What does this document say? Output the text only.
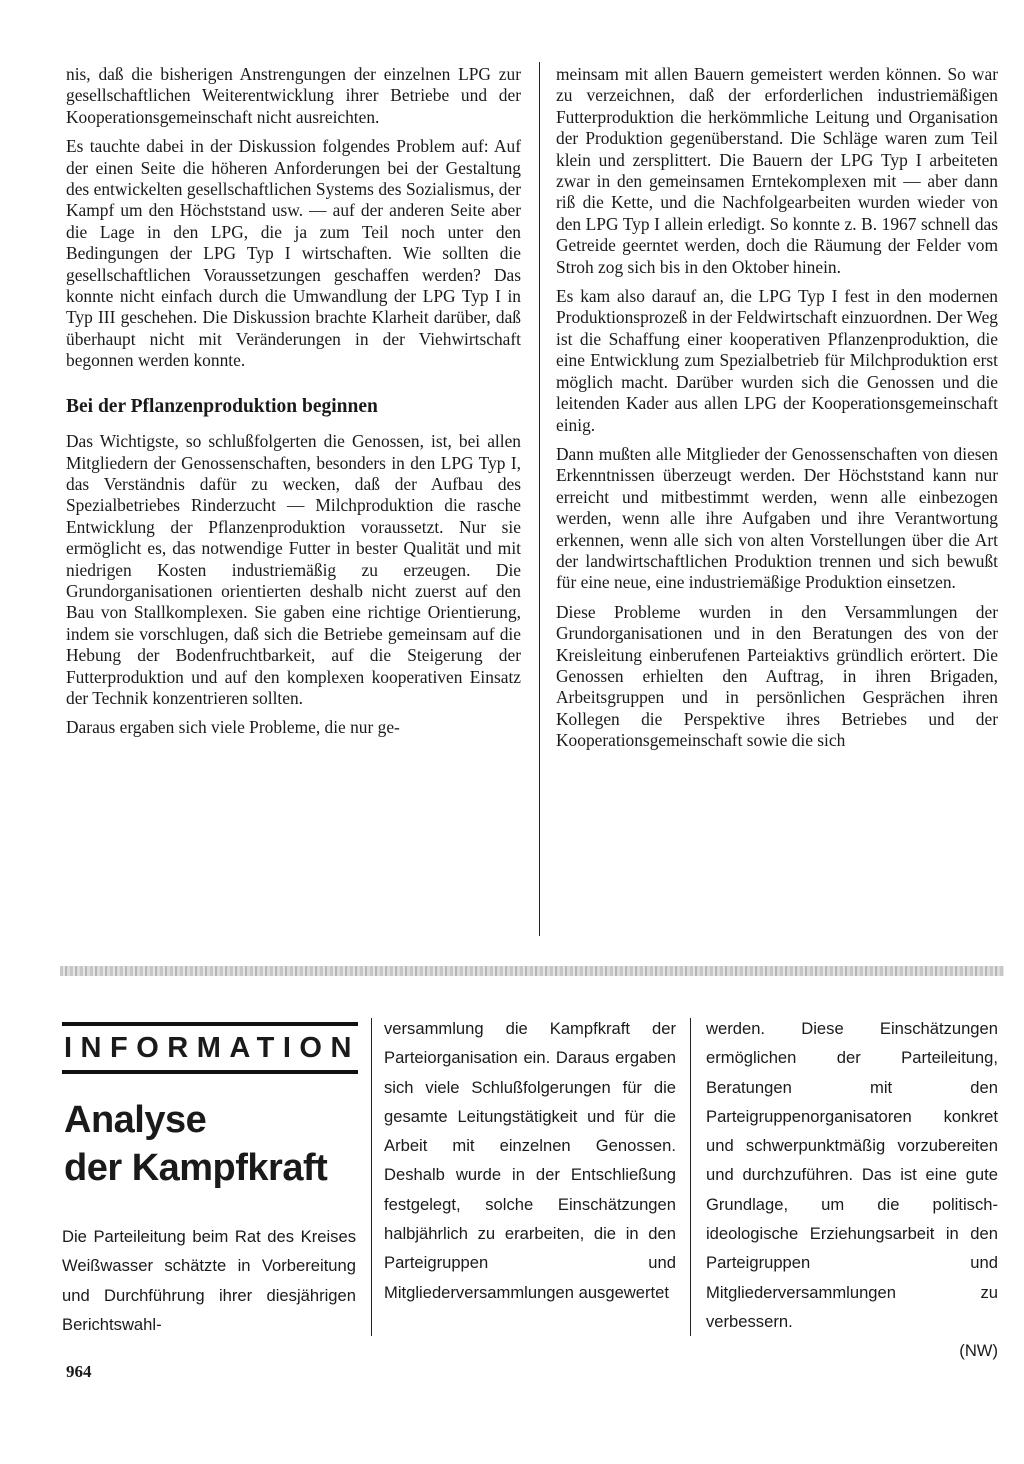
nis, daß die bisherigen Anstrengungen der einzelnen LPG zur gesellschaftlichen Weiterentwicklung ihrer Betriebe und der Kooperationsgemeinschaft nicht ausreichten.

Es tauchte dabei in der Diskussion folgendes Problem auf: Auf der einen Seite die höheren Anforderungen bei der Gestaltung des entwickelten gesellschaftlichen Systems des Sozialismus, der Kampf um den Höchststand usw. — auf der anderen Seite aber die Lage in den LPG, die ja zum Teil noch unter den Bedingungen der LPG Typ I wirtschaften. Wie sollten die gesellschaftlichen Voraussetzungen geschaffen werden? Das konnte nicht einfach durch die Umwandlung der LPG Typ I in Typ III geschehen. Die Diskussion brachte Klarheit darüber, daß überhaupt nicht mit Veränderungen in der Viehwirtschaft begonnen werden konnte.

Bei der Pflanzenproduktion beginnen

Das Wichtigste, so schlußfolgerten die Genossen, ist, bei allen Mitgliedern der Genossenschaften, besonders in den LPG Typ I, das Verständnis dafür zu wecken, daß der Aufbau des Spezialbetriebes Rinderzucht — Milchproduktion die rasche Entwicklung der Pflanzenproduktion voraussetzt. Nur sie ermöglicht es, das notwendige Futter in bester Qualität und mit niedrigen Kosten industriemäßig zu erzeugen. Die Grundorganisationen orientierten deshalb nicht zuerst auf den Bau von Stallkomplexen. Sie gaben eine richtige Orientierung, indem sie vorschlugen, daß sich die Betriebe gemeinsam auf die Hebung der Bodenfruchtbarkeit, auf die Steigerung der Futterproduktion und auf den komplexen kooperativen Einsatz der Technik konzentrieren sollten.

Daraus ergaben sich viele Probleme, die nur ge-

meinsam mit allen Bauern gemeistert werden können. So war zu verzeichnen, daß der erforderlichen industriemäßigen Futterproduktion die herkömmliche Leitung und Organisation der Produktion gegenüberstand. Die Schläge waren zum Teil klein und zersplittert. Die Bauern der LPG Typ I arbeiteten zwar in den gemeinsamen Erntekomplexen mit — aber dann riß die Kette, und die Nachfolgearbeiten wurden wieder von den LPG Typ I allein erledigt. So konnte z. B. 1967 schnell das Getreide geerntet werden, doch die Räumung der Felder vom Stroh zog sich bis in den Oktober hinein.

Es kam also darauf an, die LPG Typ I fest in den modernen Produktionsprozeß in der Feldwirtschaft einzuordnen. Der Weg ist die Schaffung einer kooperativen Pflanzenproduktion, die eine Entwicklung zum Spezialbetrieb für Milchproduktion erst möglich macht. Darüber wurden sich die Genossen und die leitenden Kader aus allen LPG der Kooperationsgemeinschaft einig.

Dann mußten alle Mitglieder der Genossenschaften von diesen Erkenntnissen überzeugt werden. Der Höchststand kann nur erreicht und mitbestimmt werden, wenn alle einbezogen werden, wenn alle ihre Aufgaben und ihre Verantwortung erkennen, wenn alle sich von alten Vorstellungen über die Art der landwirtschaftlichen Produktion trennen und sich bewußt für eine neue, eine industriemäßige Produktion einsetzen.

Diese Probleme wurden in den Versammlungen der Grundorganisationen und in den Beratungen des von der Kreisleitung einberufenen Parteiaktivs gründlich erörtert. Die Genossen erhielten den Auftrag, in ihren Brigaden, Arbeitsgruppen und in persönlichen Gesprächen ihren Kollegen die Perspektive ihres Betriebes und der Kooperationsgemeinschaft sowie die sich

INFORMATION
Analyse
der Kampfkraft

Die Parteileitung beim Rat des Kreises Weißwasser schätzte in Vorbereitung und Durchführung ihrer diesjährigen Berichtswahl-

versammlung die Kampfkraft der Parteiorganisation ein. Daraus ergaben sich viele Schlußfolgerungen für die gesamte Leitungstätigkeit und für die Arbeit mit einzelnen Genossen. Deshalb wurde in der Entschließung festgelegt, solche Einschätzungen halbjährlich zu erarbeiten, die in den Parteigruppen und Mitgliederversammlungen ausgewertet

werden. Diese Einschätzungen ermöglichen der Parteileitung, Beratungen mit den Parteigruppenorganisatoren konkret und schwerpunktmäßig vorzubereiten und durchzuführen. Das ist eine gute Grundlage, um die politisch-ideologische Erziehungsarbeit in den Parteigruppen und Mitgliederversammlungen zu verbessern.

(NW)
964
